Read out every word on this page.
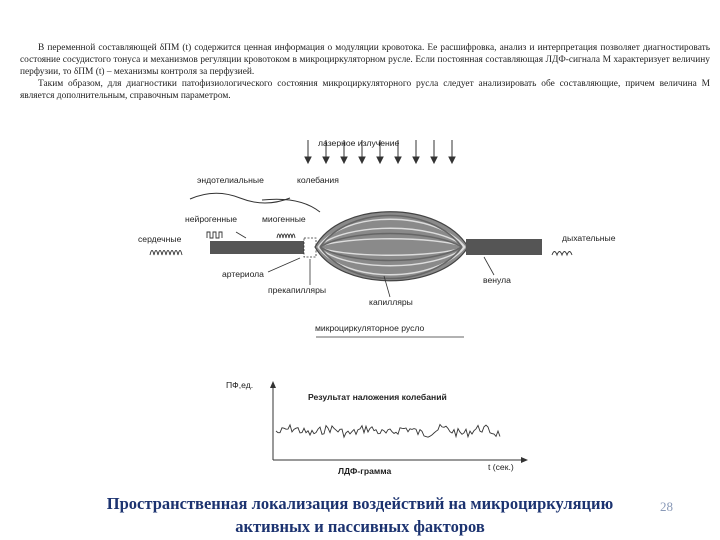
В переменной составляющей δПМ (t) содержится ценная информация о модуляции кровотока. Ее расшифровка, анализ и интерпретация позволяет диагностировать состояние сосудистого тонуса и механизмов регуляции кровотоком в микроциркуляторном русле. Если постоянная составляющая ЛДФ-сигнала М характеризует величину перфузии, то δПМ (t) – механизмы контроля за перфузией.

Таким образом, для диагностики патофизиологического состояния микроциркуляторного русла следует анализировать обе составляющие, причем величина М является дополнительным, справочным параметром.

лазерное излучение
эндотелиальные	колебания
нейрогенные	миогенные
сердечные	дыхательные
артериола
венула
прекапилляры
капилляры
микроциркуляторное русло
ПФ,ед.
Результат наложения колебаний
ЛДФ-грамма	t (сек.)
Пространственная локализация воздействий на микроциркуляцию
активных и пассивных факторов
28
